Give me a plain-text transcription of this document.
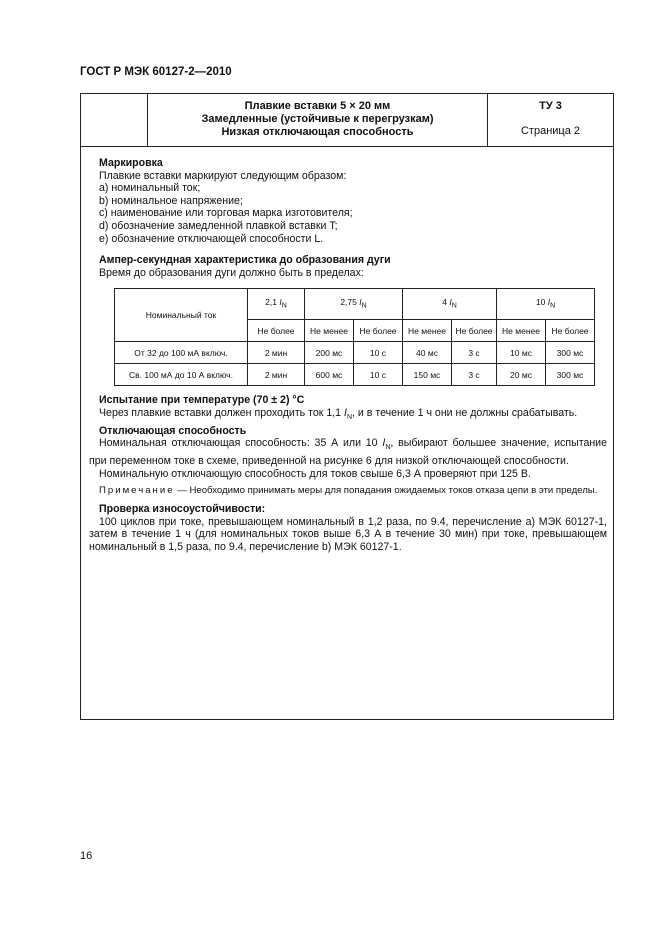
ГОСТ Р МЭК 60127-2—2010
Плавкие вставки 5 × 20 мм
Замедленные (устойчивые к перегрузкам)
Низкая отключающая способность
ТУ 3
Страница 2
Маркировка
Плавкие вставки маркируют следующим образом:
a) номинальный ток;
b) номинальное напряжение;
c) наименование или торговая марка изготовителя;
d) обозначение замедленной плавкой вставки T;
e) обозначение отключающей способности L.
Ампер-секундная характеристика до образования дуги
Время до образования дуги должно быть в пределах:
Номинальный ток	2,1 $I_N$	2,75 $I_N$		4 $I_N$		10 $I_N$
	Не более	Не менее	Не более	Не менее	Не более	Не менее	Не более
От 32 до 100 мА включ.	2 мин	200 мс	10 с	40 мс	3 с	10 мс	300 мс
Св. 100 мА до 10 А включ.	2 мин	600 мс	10 с	150 мс	3 с	20 мс	300 мс
Испытание при температуре (70 ± 2) °С
Через плавкие вставки должен проходить ток 1,1 $I_N$, и в течение 1 ч они не должны срабатывать.
Отключающая способность
Номинальная отключающая способность: 35 А или 10 $I_N$, выбирают большее значение, испытание при переменном токе в схеме, приведенной на рисунке 6 для низкой отключающей способности.
Номинальную отключающую способность для токов свыше 6,3 А проверяют при 125 В.
Примечание — Необходимо принимать меры для попадания ожидаемых токов отказа цепи в эти пределы.
Проверка износоустойчивости:
100 циклов при токе, превышающем номинальный в 1,2 раза, по 9.4, перечисление a) МЭК 60127-1, затем в течение 1 ч (для номинальных токов выше 6,3 А в течение 30 мин) при токе, превышающем номинальный в 1,5 раза, по 9.4, перечисление b) МЭК 60127-1.
16
